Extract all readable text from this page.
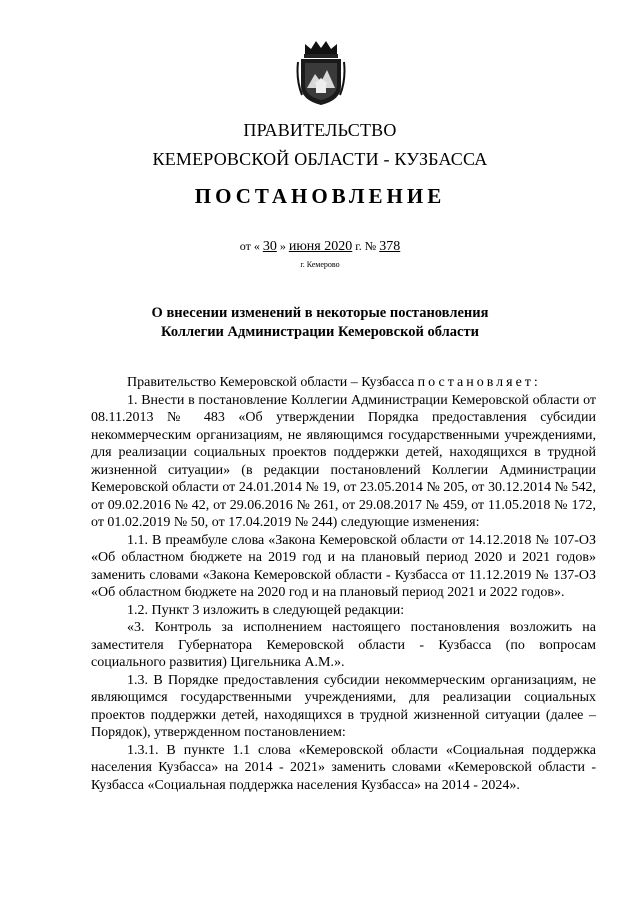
ПРАВИТЕЛЬСТВО
КЕМЕРОВСКОЙ ОБЛАСТИ - КУЗБАССА
ПОСТАНОВЛЕНИЕ
от « 30 » июня 2020 г. № 378
г. Кемерово
О внесении изменений в некоторые постановления
Коллегии Администрации Кемеровской области

Правительство Кемеровской области – Кузбасса постановляет:

1. Внести в постановление Коллегии Администрации Кемеровской области от 08.11.2013 № 483 «Об утверждении Порядка предоставления субсидии некоммерческим организациям, не являющимся государственными учреждениями, для реализации социальных проектов поддержки детей, находящихся в трудной жизненной ситуации» (в редакции постановлений Коллегии Администрации Кемеровской области от 24.01.2014 № 19, от 23.05.2014 № 205, от 30.12.2014 № 542, от 09.02.2016 № 42, от 29.06.2016 № 261, от 29.08.2017 № 459, от 11.05.2018 № 172, от 01.02.2019 № 50, от 17.04.2019 № 244) следующие изменения:

1.1. В преамбуле слова «Закона Кемеровской области от 14.12.2018 № 107-ОЗ «Об областном бюджете на 2019 год и на плановый период 2020 и 2021 годов» заменить словами «Закона Кемеровской области - Кузбасса от 11.12.2019 № 137-ОЗ «Об областном бюджете на 2020 год и на плановый период 2021 и 2022 годов».

1.2. Пункт 3 изложить в следующей редакции:

«3. Контроль за исполнением настоящего постановления возложить на заместителя Губернатора Кемеровской области - Кузбасса (по вопросам социального развития) Цигельника А.М.».

1.3. В Порядке предоставления субсидии некоммерческим организациям, не являющимся государственными учреждениями, для реализации социальных проектов поддержки детей, находящихся в трудной жизненной ситуации (далее – Порядок), утвержденном постановлением:

1.3.1. В пункте 1.1 слова «Кемеровской области «Социальная поддержка населения Кузбасса» на 2014 - 2021» заменить словами «Кемеровской области - Кузбасса «Социальная поддержка населения Кузбасса» на 2014 - 2024».
